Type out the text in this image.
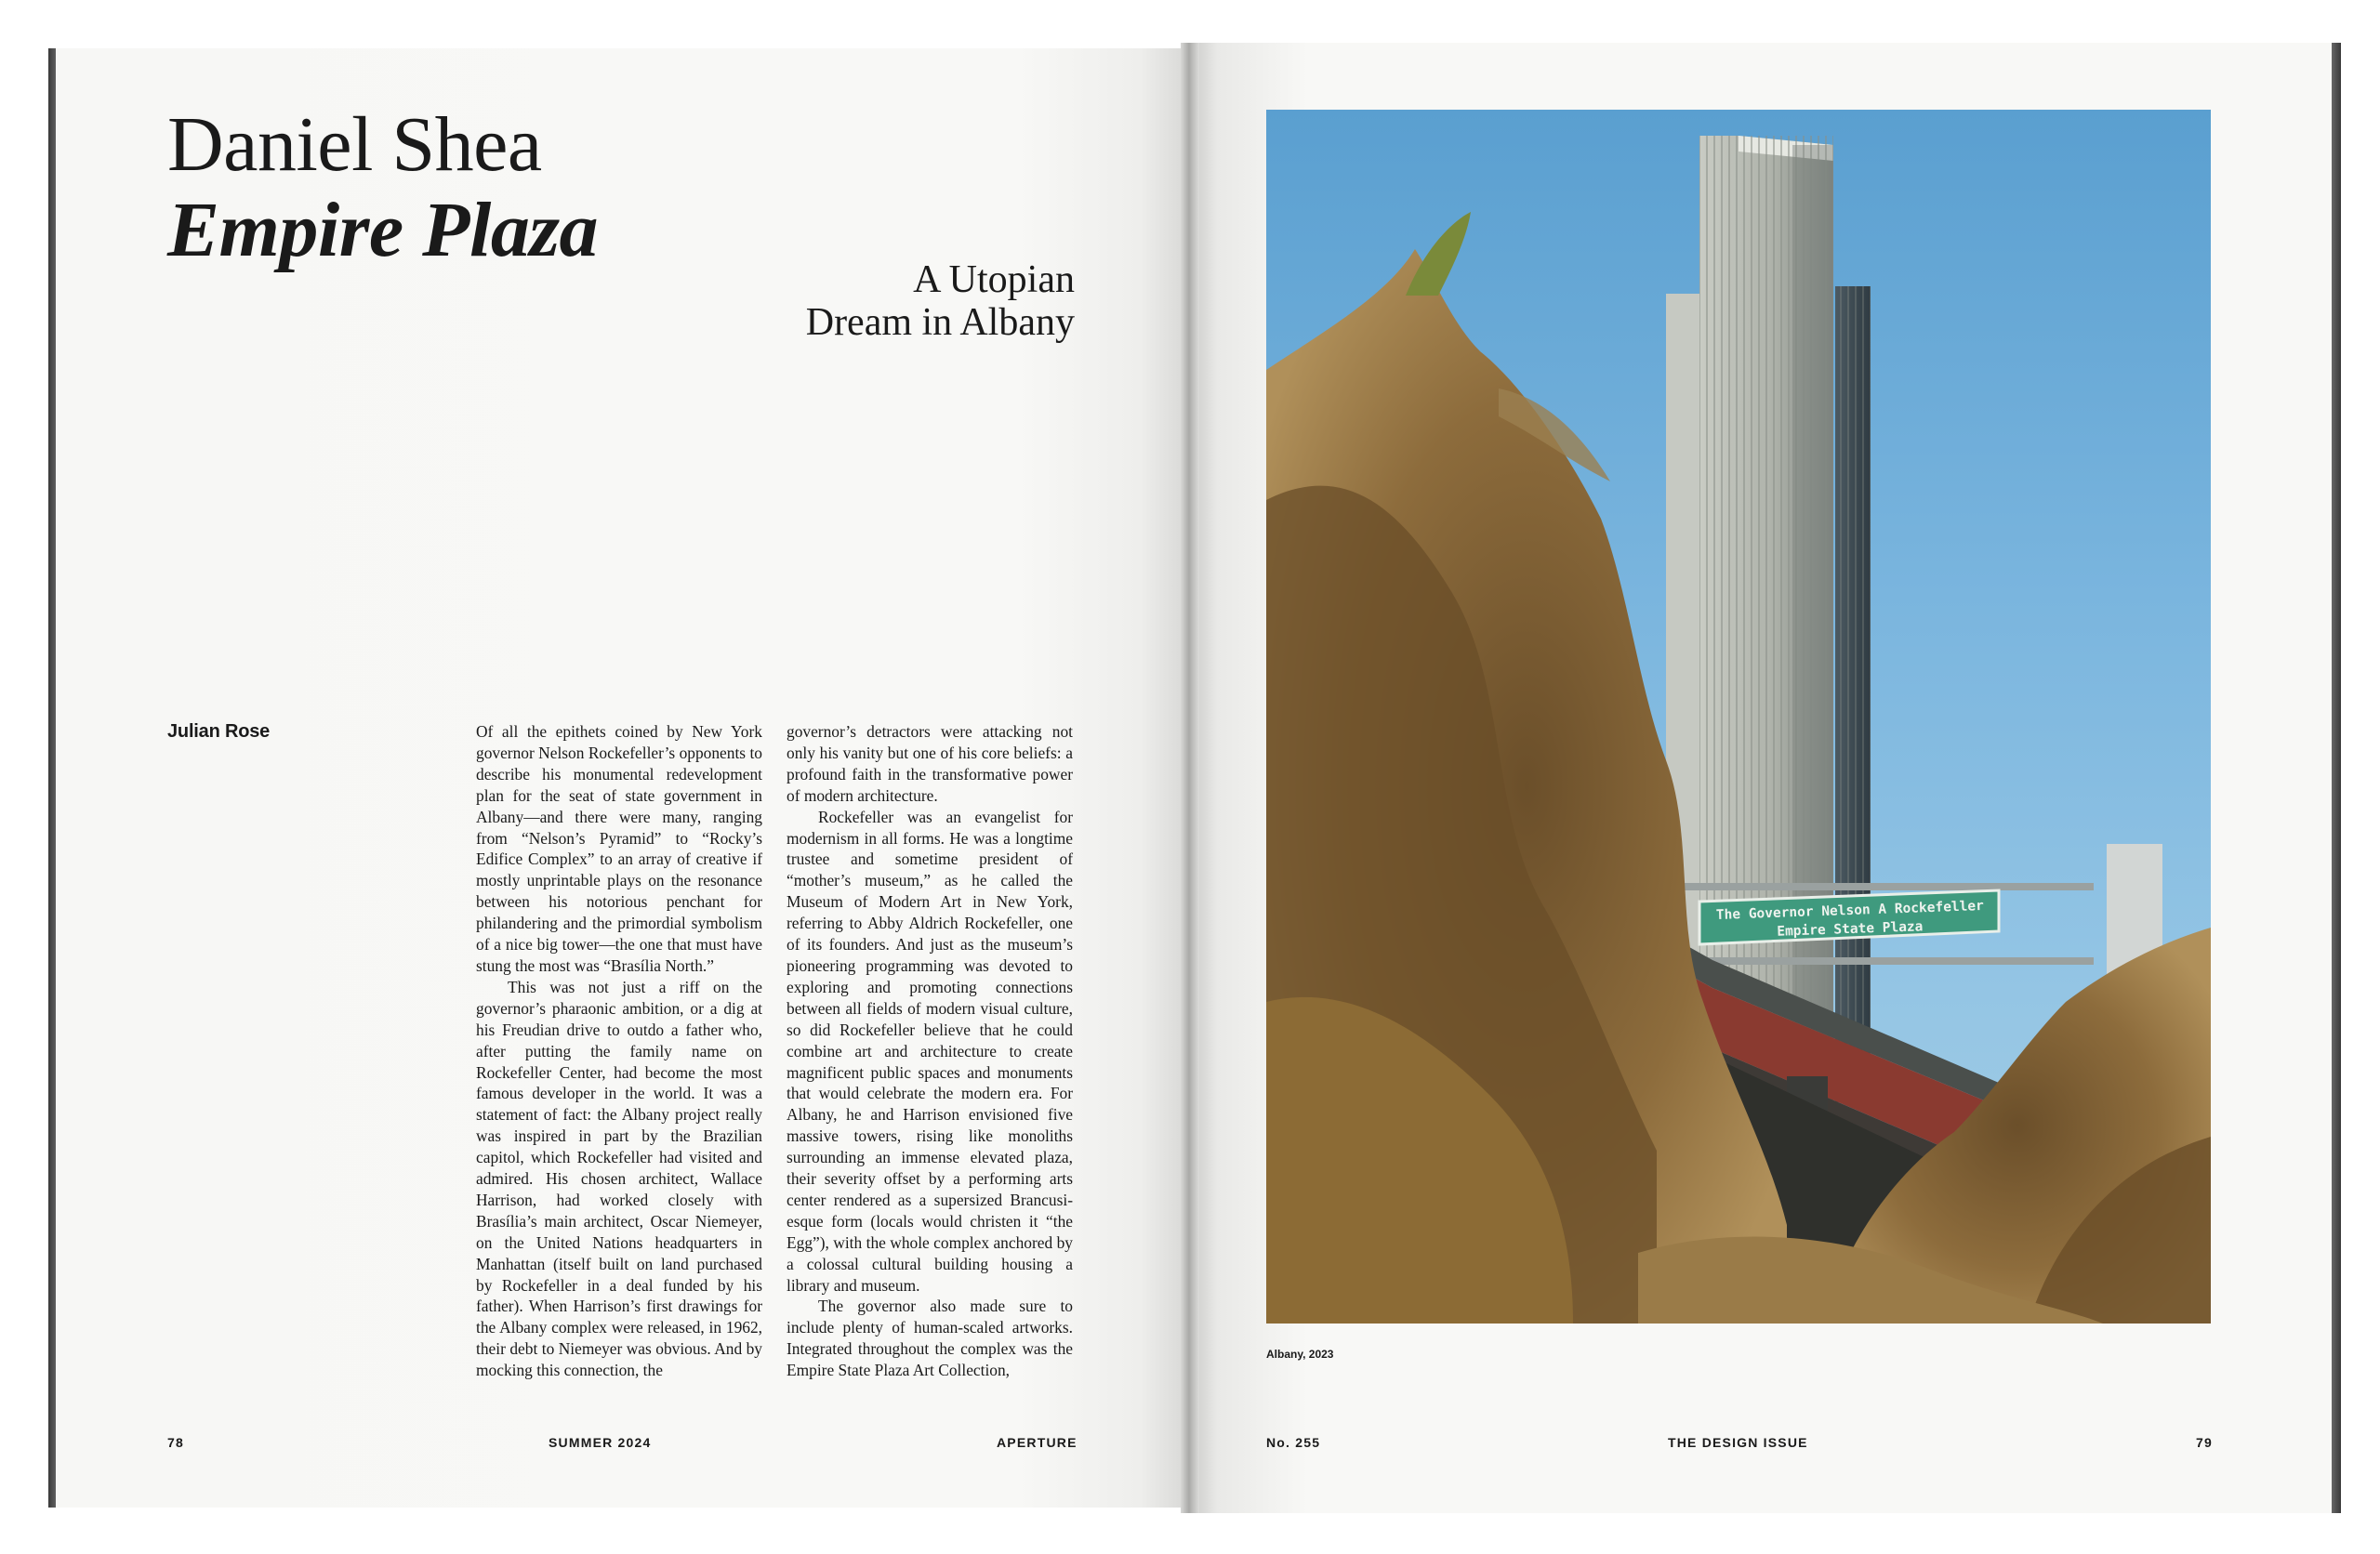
Daniel Shea
Empire Plaza
A Utopian
Dream in Albany
Julian Rose	Of all the epithets coined by New York governor Nelson Rockefeller’s opponents to describe his monumental redevelopment plan for the seat of state government in Albany—and there were many, ranging from “Nelson’s Pyramid” to “Rocky’s Edifice Complex” to an array of creative if mostly unprintable plays on the resonance between his notorious penchant for philandering and the primordial symbolism of a nice big tower—the one that must have stung the most was “Brasília North.”

This was not just a riff on the governor’s pharaonic ambition, or a dig at his Freudian drive to outdo a father who, after putting the family name on Rockefeller Center, had become the most famous developer in the world. It was a statement of fact: the Albany project really was inspired in part by the Brazilian capitol, which Rockefeller had visited and admired. His chosen architect, Wallace Harrison, had worked closely with Brasília’s main architect, Oscar Niemeyer, on the United Nations headquarters in Manhattan (itself built on land purchased by Rockefeller in a deal funded by his father). When Harrison’s first drawings for the Albany complex were released, in 1962, their debt to Niemeyer was obvious. And by mocking this connection, the

governor’s detractors were attacking not only his vanity but one of his core beliefs: a profound faith in the transformative power of modern architecture.

Rockefeller was an evangelist for modernism in all forms. He was a longtime trustee and sometime president of “mother’s museum,” as he called the Museum of Modern Art in New York, referring to Abby Aldrich Rockefeller, one of its founders. And just as the museum’s pioneering programming was devoted to exploring and promoting connections between all fields of modern visual culture, so did Rockefeller believe that he could combine art and architecture to create magnificent public spaces and monuments that would celebrate the modern era. For Albany, he and Harrison envisioned five massive towers, rising like monoliths surrounding an immense elevated plaza, their severity offset by a performing arts center rendered as a supersized Brancusi-esque form (locals would christen it “the Egg”), with the whole complex anchored by a colossal cultural building housing a library and museum.

The governor also made sure to include plenty of human-scaled artworks. Integrated throughout the complex was the Empire State Plaza Art Collection,

78	SUMMER 2024	APERTURE
The Governor Nelson A Rockefeller
Empire State Plaza
Albany, 2023
No. 255	THE DESIGN ISSUE	79
